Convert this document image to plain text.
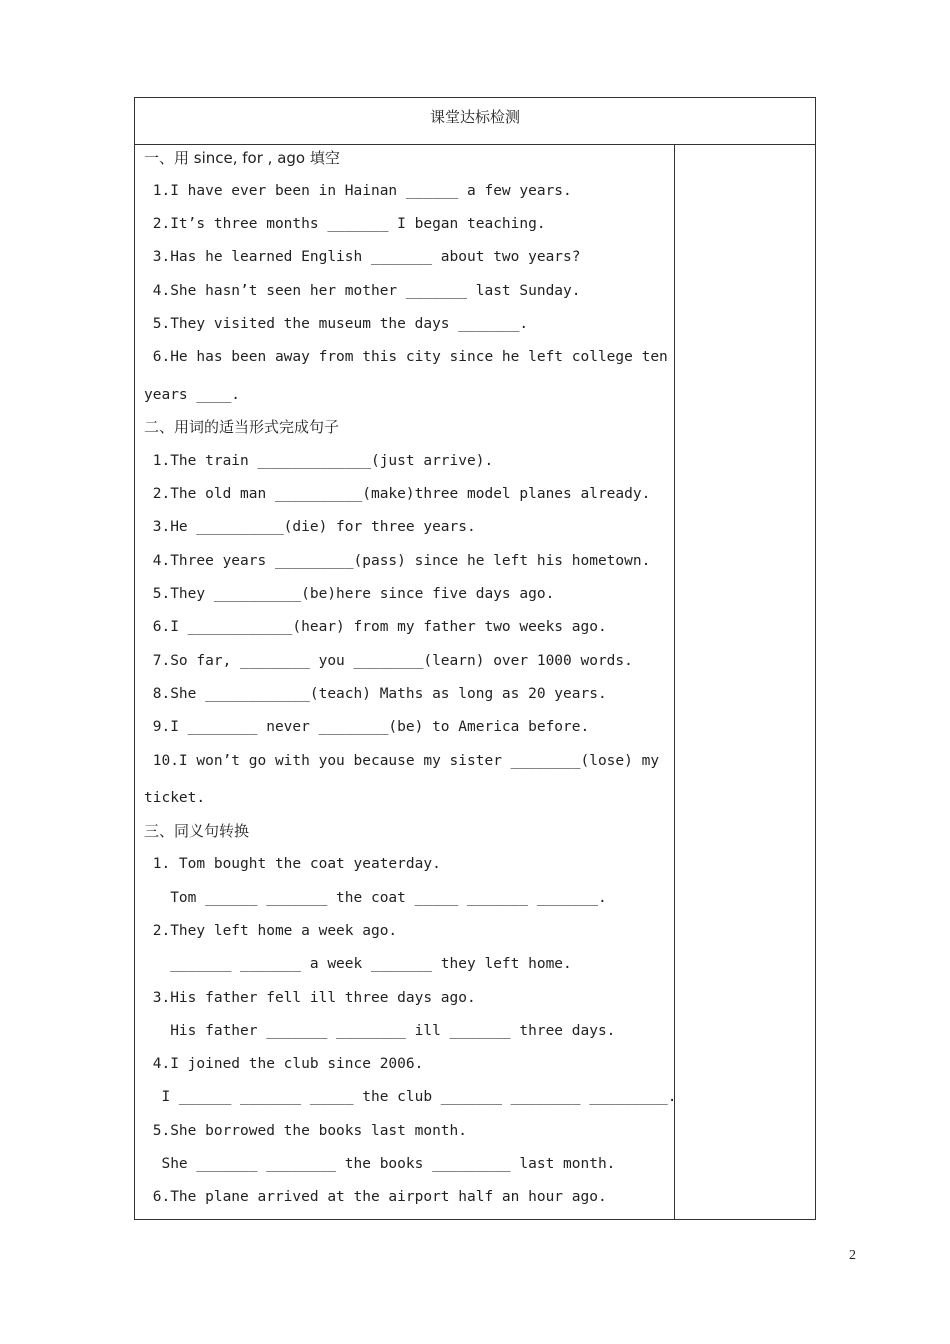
课堂达标检测
一、用 since, for , ago 填空
1.I have ever been in Hainan ______ a few years.
2.It’s three months _______ I began teaching.
3.Has he learned English _______ about two years?
4.She hasn’t seen her mother _______ last Sunday.
5.They visited the museum the days _______.
6.He has been away from this city since he left college ten
years ____.
二、用词的适当形式完成句子
1.The train _____________(just arrive).
2.The old man __________(make)three model planes already.
3.He __________(die) for three years.
4.Three years _________(pass) since he left his hometown.
5.They __________(be)here since five days ago.
6.I ____________(hear) from my father two weeks ago.
7.So far, ________ you ________(learn) over 1000 words.
8.She ____________(teach) Maths as long as 20 years.
9.I ________ never ________(be) to America before.
10.I won’t go with you because my sister ________(lose) my
ticket.
三、同义句转换
1. Tom bought the coat yeaterday.
Tom ______ _______ the coat _____ _______ _______.
2.They left home a week ago.
_______ _______ a week _______ they left home.
3.His father fell ill three days ago.
His father _______ ________ ill _______ three days.
4.I joined the club since 2006.
I ______ _______ _____ the club _______ ________ _________.
5.She borrowed the books last month.
She _______ ________ the books _________ last month.
6.The plane arrived at the airport half an hour ago.
2
